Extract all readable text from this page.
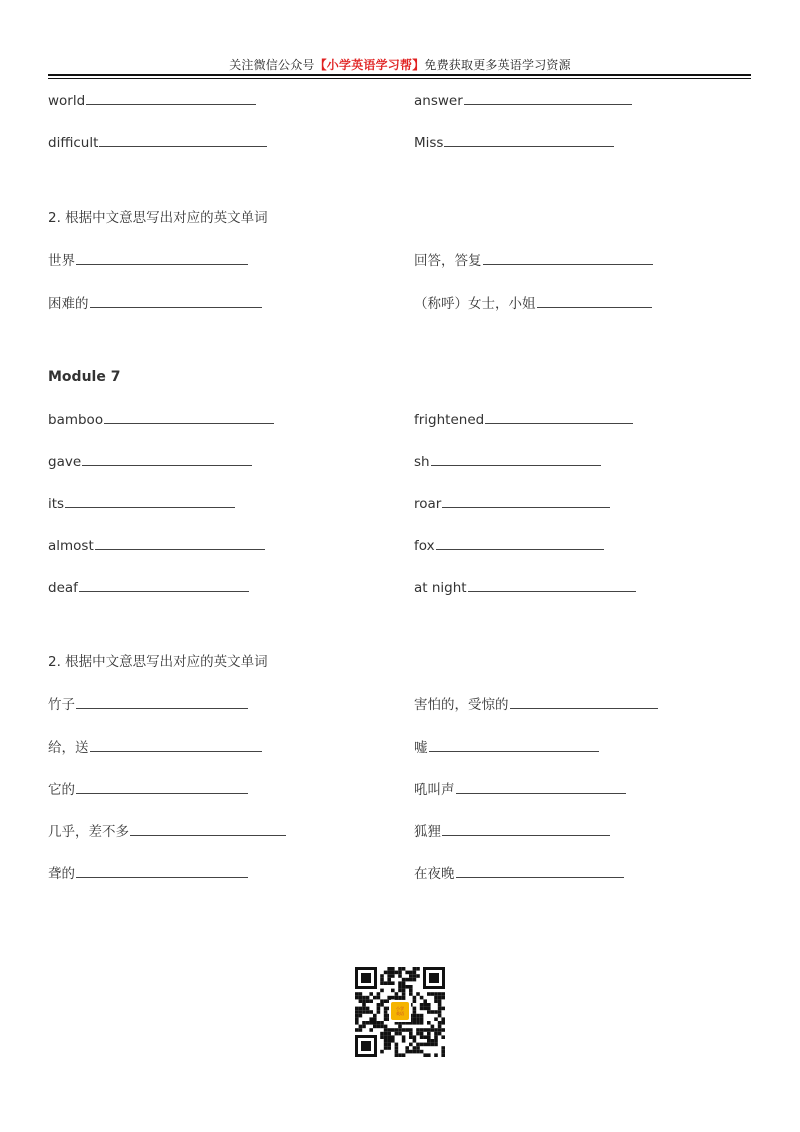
关注微信公众号【小学英语学习帮】免费获取更多英语学习资源
world	answer
difficult	Miss
2. 根据中文意思写出对应的英文单词
世界	回答，答复
困难的	（称呼）女士，小姐
Module 7
bamboo	frightened
gave	sh
its	roar
almost	fox
deaf	at night
2. 根据中文意思写出对应的英文单词
竹子	害怕的，受惊的
给，送	嘘
它的	吼叫声
几乎，差不多	狐狸
聋的	在夜晚
小学英语
